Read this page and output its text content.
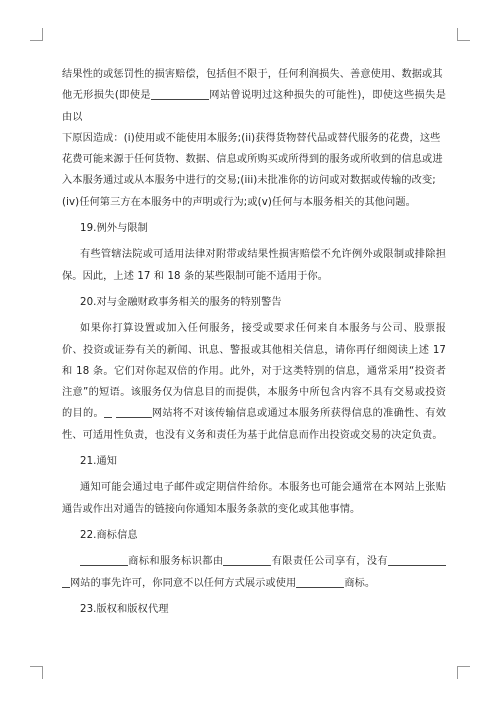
结果性的或惩罚性的损害赔偿，包括但不限于，任何利润损失、善意使用、数据或其

他无形损失(即使是	网站曾说明过这种损失的可能性)，即使这些损失是由以

下原因造成：(i)使用或不能使用本服务;(ii)获得货物替代品或替代服务的花费，这些

花费可能来源于任何货物、数据、信息或所购买或所得到的服务或所收到的信息或进

入本服务通过或从本服务中进行的交易;(iii)未批准你的访问或对数据或传输的改变;

(iv)任何第三方在本服务中的声明或行为;或(v)任何与本服务相关的其他问题。

19.例外与限制

有些管辖法院或可适用法律对附带或结果性损害赔偿不允许例外或限制或排除担保。因此，上述 17 和 18 条的某些限制可能不适用于你。

20.对与金融财政事务相关的服务的特别警告

如果你打算设置或加入任何服务，接受或要求任何来自本服务与公司、股票报价、投资或证券有关的新闻、讯息、警报或其他相关信息，请你再仔细阅读上述 17 和 18 条。它们对你起双倍的作用。此外，对于这类特别的信息，通常采用“投资者注意”的短语。该服务仅为信息目的而提供，本服务中所包含内容不具有交易或投资的目的。	网站将不对该传输信息或通过本服务所获得信息的准确性、有效性、可适用性负责，也没有义务和责任为基于此信息而作出投资或交易的决定负责。

21.通知

通知可能会通过电子邮件或定期信件给你。本服务也可能会通常在本网站上张贴通告或作出对通告的链接向你通知本服务条款的变化或其他事情。

22.商标信息

商标和服务标识都由	有限责任公司享有，没有 网站的事先许可，你同意不以任何方式展示或使用	商标。

23.版权和版权代理
